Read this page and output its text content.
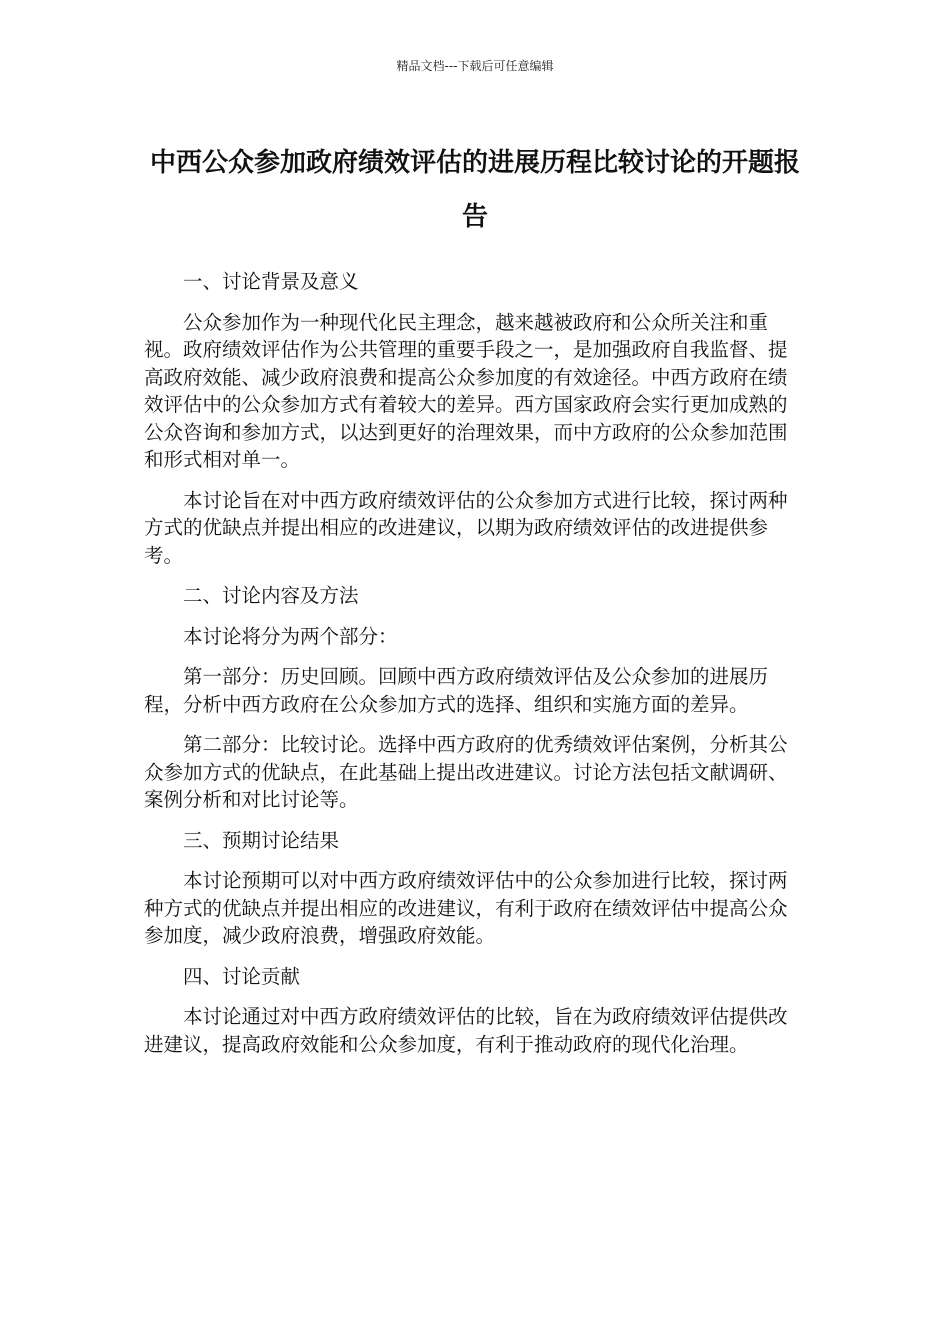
精品文档---下载后可任意编辑
中西公众参加政府绩效评估的进展历程比较讨论的开题报告
一、讨论背景及意义

公众参加作为一种现代化民主理念，越来越被政府和公众所关注和重视。政府绩效评估作为公共管理的重要手段之一，是加强政府自我监督、提高政府效能、减少政府浪费和提高公众参加度的有效途径。中西方政府在绩效评估中的公众参加方式有着较大的差异。西方国家政府会实行更加成熟的公众咨询和参加方式，以达到更好的治理效果，而中方政府的公众参加范围和形式相对单一。

本讨论旨在对中西方政府绩效评估的公众参加方式进行比较，探讨两种方式的优缺点并提出相应的改进建议，以期为政府绩效评估的改进提供参考。

二、讨论内容及方法

本讨论将分为两个部分：

第一部分：历史回顾。回顾中西方政府绩效评估及公众参加的进展历程，分析中西方政府在公众参加方式的选择、组织和实施方面的差异。

第二部分：比较讨论。选择中西方政府的优秀绩效评估案例，分析其公众参加方式的优缺点，在此基础上提出改进建议。讨论方法包括文献调研、案例分析和对比讨论等。

三、预期讨论结果

本讨论预期可以对中西方政府绩效评估中的公众参加进行比较，探讨两种方式的优缺点并提出相应的改进建议，有利于政府在绩效评估中提高公众参加度，减少政府浪费，增强政府效能。

四、讨论贡献

本讨论通过对中西方政府绩效评估的比较，旨在为政府绩效评估提供改进建议，提高政府效能和公众参加度，有利于推动政府的现代化治理。
